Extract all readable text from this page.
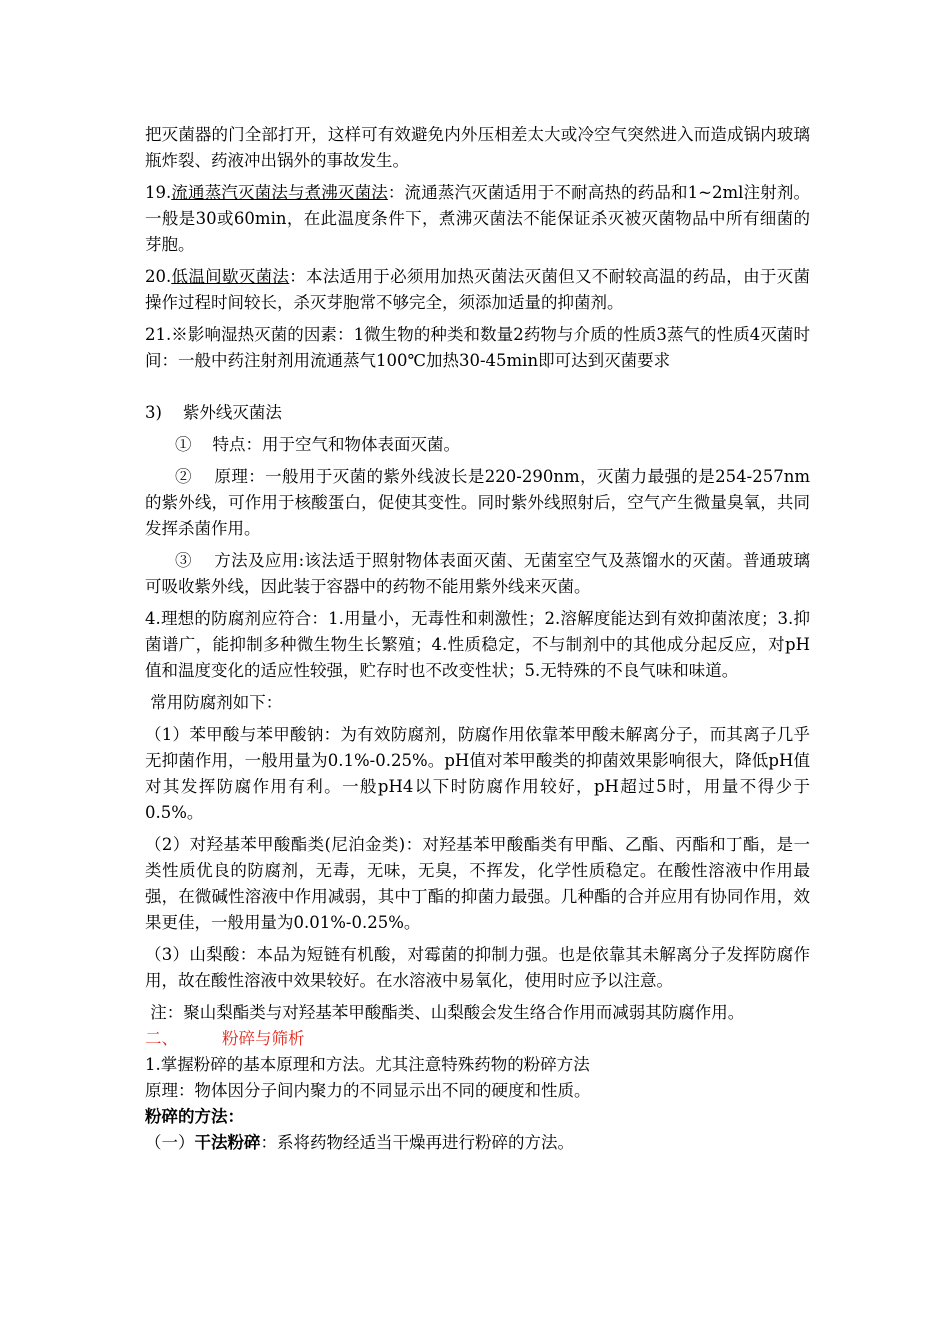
把灭菌器的门全部打开，这样可有效避免内外压相差太大或冷空气突然进入而造成锅内玻璃瓶炸裂、药液冲出锅外的事故发生。

19.流通蒸汽灭菌法与煮沸灭菌法：流通蒸汽灭菌适用于不耐高热的药品和1~2ml注射剂。一般是30或60min，在此温度条件下，煮沸灭菌法不能保证杀灭被灭菌物品中所有细菌的芽胞。

20.低温间歇灭菌法：本法适用于必须用加热灭菌法灭菌但又不耐较高温的药品，由于灭菌操作过程时间较长，杀灭芽胞常不够完全，须添加适量的抑菌剂。

21.※影响湿热灭菌的因素：1微生物的种类和数量2药物与介质的性质3蒸气的性质4灭菌时间：一般中药注射剂用流通蒸气100℃加热30-45min即可达到灭菌要求

3)    紫外线灭菌法

①    特点：用于空气和物体表面灭菌。

②    原理：一般用于灭菌的紫外线波长是220-290nm，灭菌力最强的是254-257nm的紫外线，可作用于核酸蛋白，促使其变性。同时紫外线照射后，空气产生微量臭氧，共同发挥杀菌作用。

③    方法及应用:该法适于照射物体表面灭菌、无菌室空气及蒸馏水的灭菌。普通玻璃可吸收紫外线，因此装于容器中的药物不能用紫外线来灭菌。

4.理想的防腐剂应符合：1.用量小，无毒性和刺激性；2.溶解度能达到有效抑菌浓度；3.抑菌谱广，能抑制多种微生物生长繁殖；4.性质稳定，不与制剂中的其他成分起反应，对pH值和温度变化的适应性较强，贮存时也不改变性状；5.无特殊的不良气味和味道。

常用防腐剂如下：

（1）苯甲酸与苯甲酸钠：为有效防腐剂，防腐作用依靠苯甲酸未解离分子，而其离子几乎无抑菌作用，一般用量为0.1%-0.25%。pH值对苯甲酸类的抑菌效果影响很大，降低pH值对其发挥防腐作用有利。一般pH4以下时防腐作用较好，pH超过5时，用量不得少于0.5%。

（2）对羟基苯甲酸酯类(尼泊金类)：对羟基苯甲酸酯类有甲酯、乙酯、丙酯和丁酯，是一类性质优良的防腐剂，无毒，无味，无臭，不挥发，化学性质稳定。在酸性溶液中作用最强，在微碱性溶液中作用减弱，其中丁酯的抑菌力最强。几种酯的合并应用有协同作用，效果更佳，一般用量为0.01%-0.25%。

（3）山梨酸：本品为短链有机酸，对霉菌的抑制力强。也是依靠其未解离分子发挥防腐作用，故在酸性溶液中效果较好。在水溶液中易氧化，使用时应予以注意。

注：聚山梨酯类与对羟基苯甲酸酯类、山梨酸会发生络合作用而减弱其防腐作用。

二、	粉碎与筛析

1.掌握粉碎的基本原理和方法。尤其注意特殊药物的粉碎方法

原理：物体因分子间内聚力的不同显示出不同的硬度和性质。

粉碎的方法：

（一）干法粉碎：系将药物经适当干燥再进行粉碎的方法。
